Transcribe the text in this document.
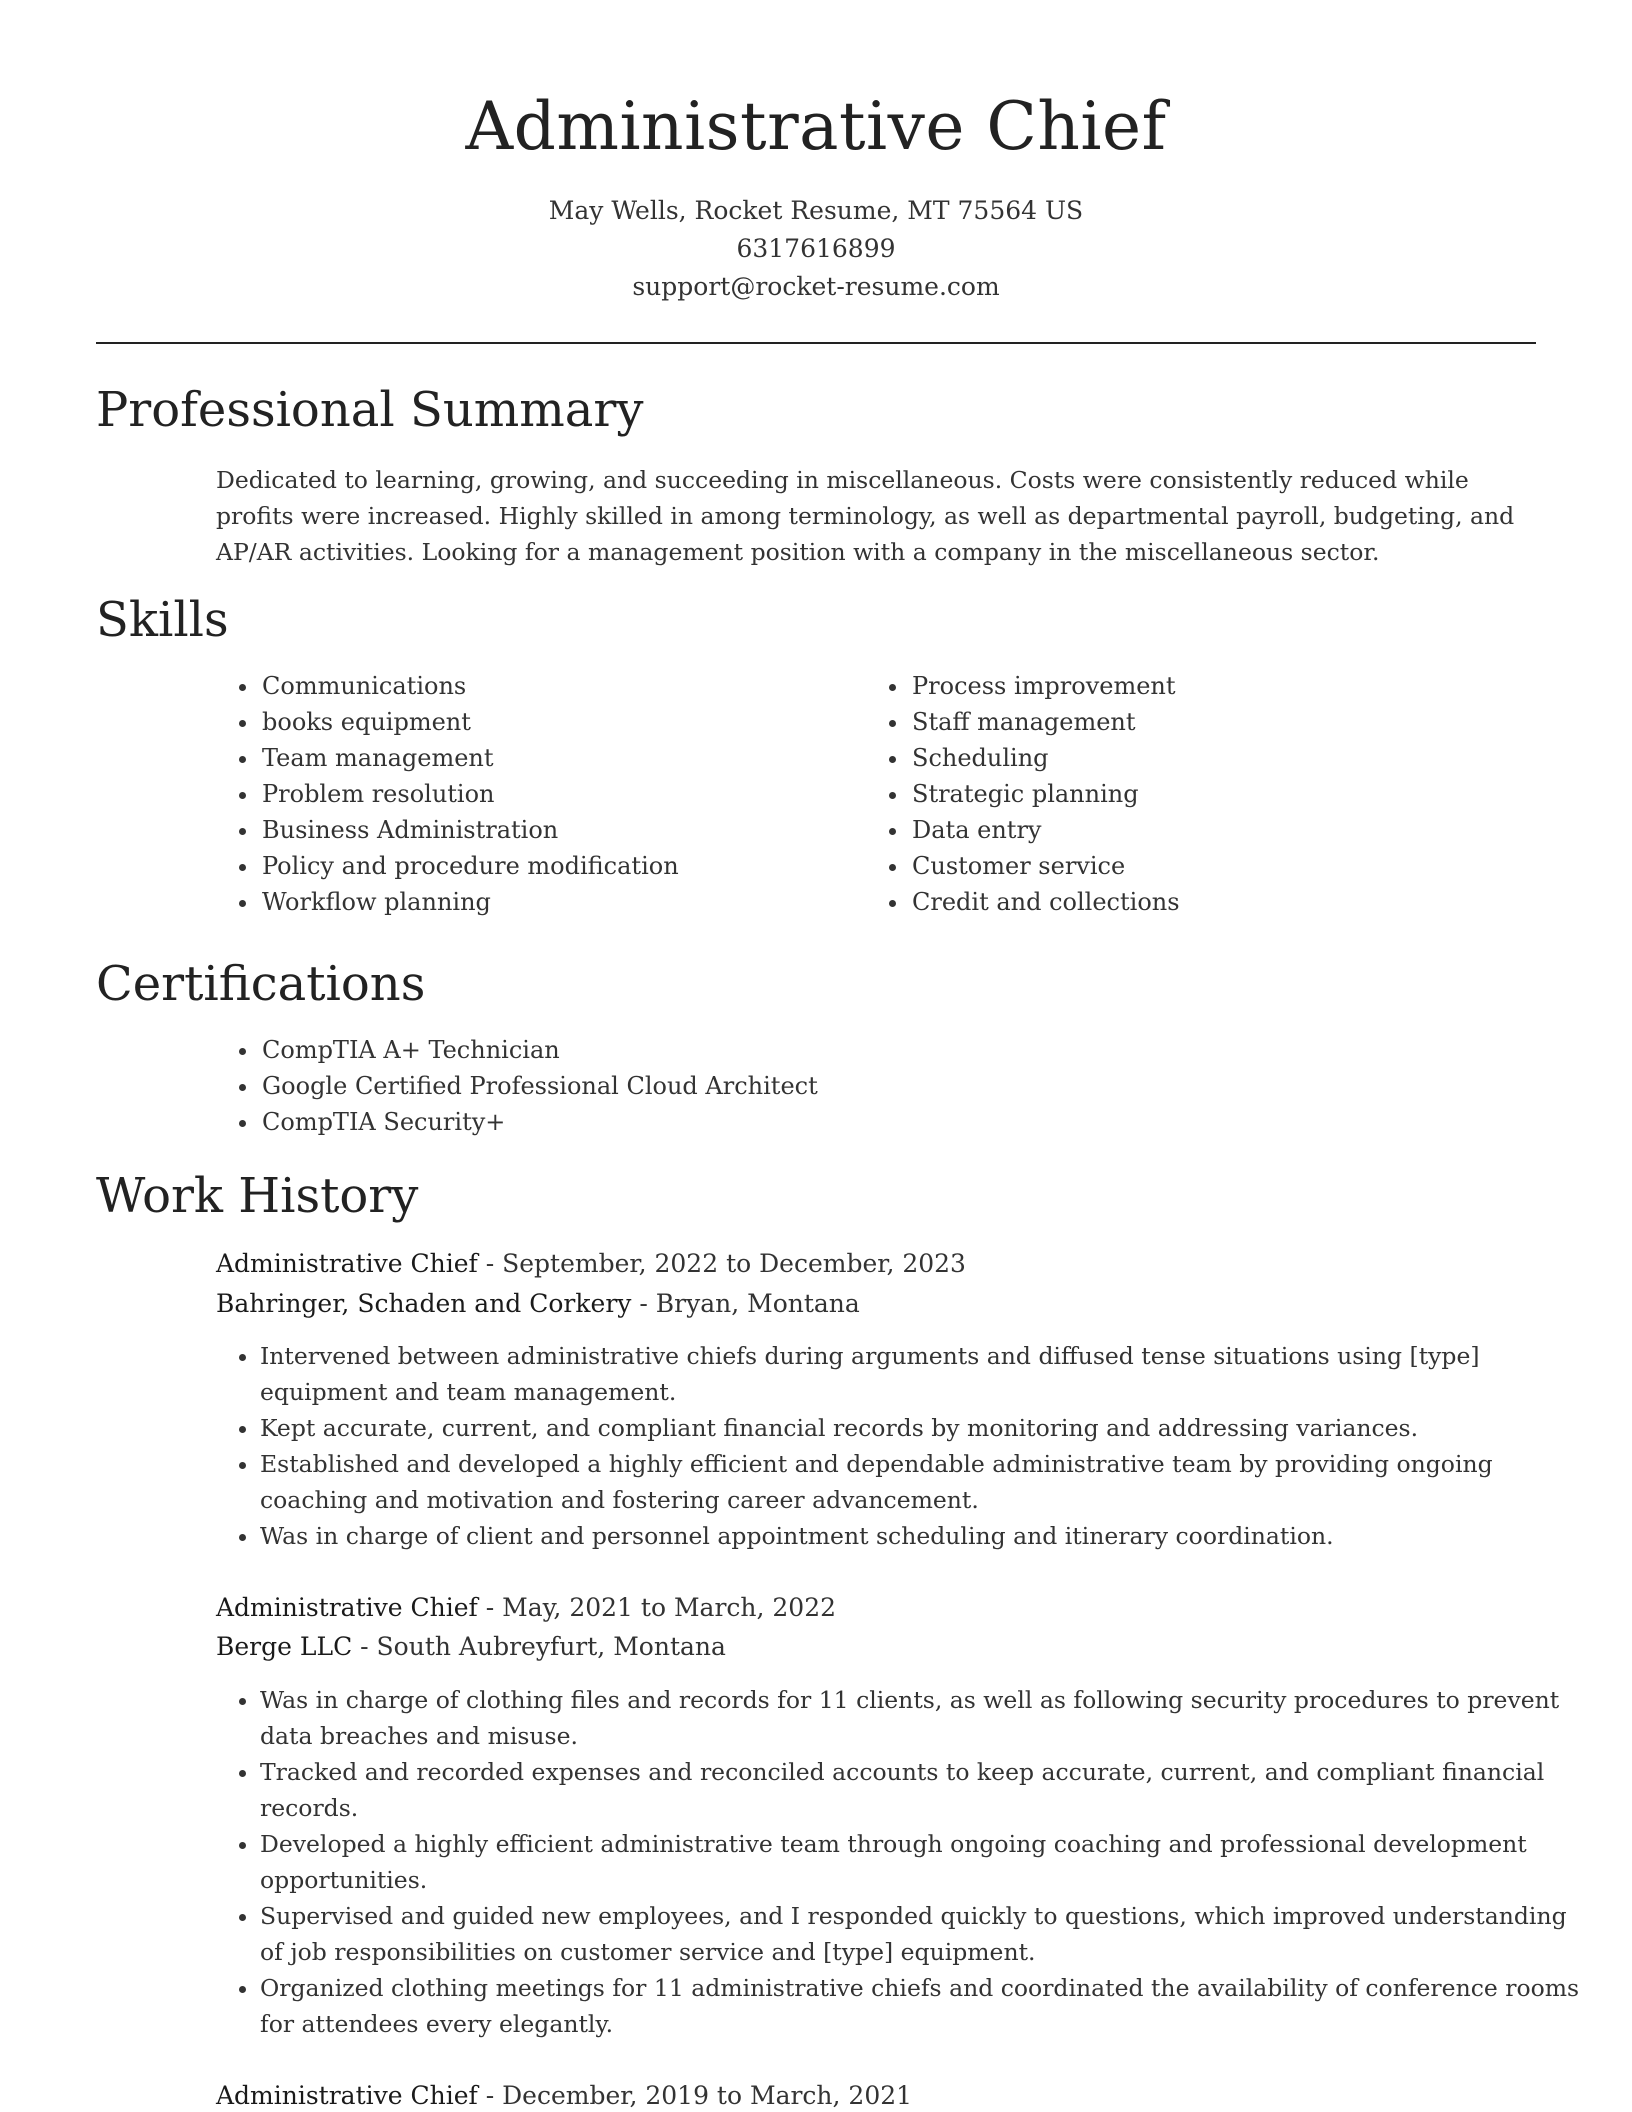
Administrative Chief
May Wells, Rocket Resume, MT 75564 US
6317616899
support@rocket-resume.com
Professional Summary

Dedicated to learning, growing, and succeeding in miscellaneous. Costs were consistently reduced while profits were increased. Highly skilled in among terminology, as well as departmental payroll, budgeting, and AP/AR activities. Looking for a management position with a company in the miscellaneous sector.

Skills
• Communications
• books equipment
• Team management
• Problem resolution
• Business Administration
• Policy and procedure modification
• Workflow planning
• Process improvement
• Staff management
• Scheduling
• Strategic planning
• Data entry
• Customer service
• Credit and collections
Certifications
• CompTIA A+ Technician
• Google Certified Professional Cloud Architect
• CompTIA Security+
Work History
Administrative Chief - September, 2022 to December, 2023
Bahringer, Schaden and Corkery - Bryan, Montana
• Intervened between administrative chiefs during arguments and diffused tense situations using [type] equipment and team management.
• Kept accurate, current, and compliant financial records by monitoring and addressing variances.
• Established and developed a highly efficient and dependable administrative team by providing ongoing coaching and motivation and fostering career advancement.
• Was in charge of client and personnel appointment scheduling and itinerary coordination.
Administrative Chief - May, 2021 to March, 2022
Berge LLC - South Aubreyfurt, Montana
• Was in charge of clothing files and records for 11 clients, as well as following security procedures to prevent data breaches and misuse.
• Tracked and recorded expenses and reconciled accounts to keep accurate, current, and compliant financial records.
• Developed a highly efficient administrative team through ongoing coaching and professional development opportunities.
• Supervised and guided new employees, and I responded quickly to questions, which improved understanding of job responsibilities on customer service and [type] equipment.
• Organized clothing meetings for 11 administrative chiefs and coordinated the availability of conference rooms for attendees every elegantly.
Administrative Chief - December, 2019 to March, 2021
